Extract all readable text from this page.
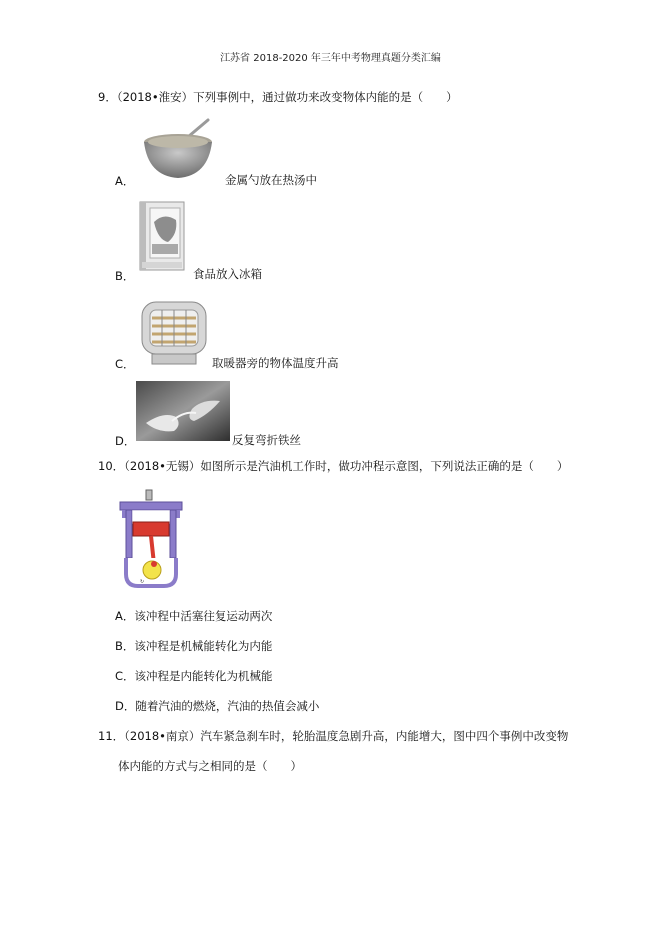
江苏省 2018-2020 年三年中考物理真题分类汇编
9．（2018•淮安）下列事例中，通过做功来改变物体内能的是（　　）
A．	金属勺放在热汤中
B．	食品放入冰箱
C．	取暖器旁的物体温度升高
D．	反复弯折铁丝
10．（2018•无锡）如图所示是汽油机工作时，做功冲程示意图，下列说法正确的是（　　）
↻
A．该冲程中活塞往复运动两次
B．该冲程是机械能转化为内能
C．该冲程是内能转化为机械能
D．随着汽油的燃烧，汽油的热值会减小
11．（2018•南京）汽车紧急刹车时，轮胎温度急剧升高，内能增大，图中四个事例中改变物
体内能的方式与之相同的是（　　）
